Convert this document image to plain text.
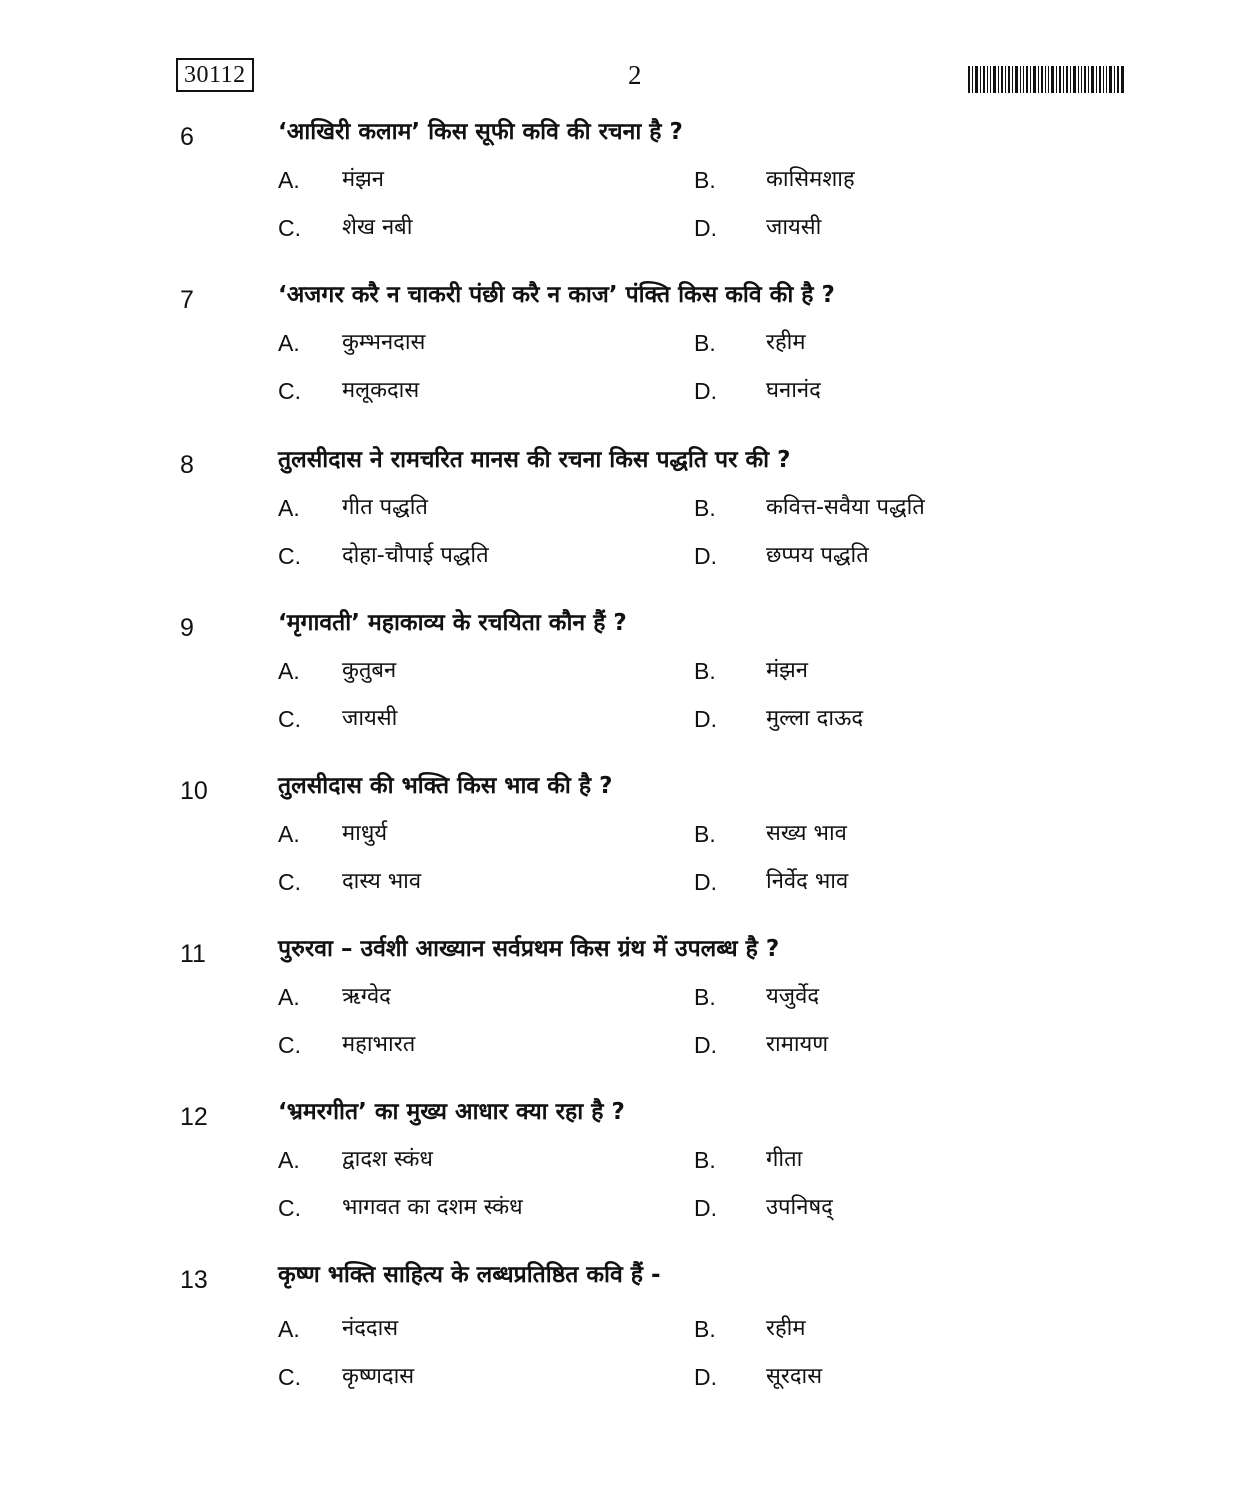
30112	2
6	‘आखिरी कलाम’ किस सूफी कवि की रचना है ?
A. मंझन	B. कासिमशाह
C. शेख नबी	D. जायसी
7	‘अजगर करै न चाकरी पंछी करै न काज’ पंक्ति किस कवि की है ?
A. कुम्भनदास	B. रहीम
C. मलूकदास	D. घनानंद
8	तुलसीदास ने रामचरित मानस की रचना किस पद्धति पर की ?
A. गीत पद्धति	B. कवित्त-सवैया पद्धति
C. दोहा-चौपाई पद्धति	D. छप्पय पद्धति
9	‘मृगावती’ महाकाव्य के रचयिता कौन हैं ?
A. कुतुबन	B. मंझन
C. जायसी	D. मुल्ला दाऊद
10	तुलसीदास की भक्ति किस भाव की है ?
A. माधुर्य	B. सख्य भाव
C. दास्य भाव	D. निर्वेद भाव
11	पुरुरवा – उर्वशी आख्यान सर्वप्रथम किस ग्रंथ में उपलब्ध है ?
A. ऋग्वेद	B. यजुर्वेद
C. महाभारत	D. रामायण
12	‘भ्रमरगीत’ का मुख्य आधार क्या रहा है ?
A. द्वादश स्कंध	B. गीता
C. भागवत का दशम स्कंध	D. उपनिषद्
13	कृष्ण भक्ति साहित्य के लब्धप्रतिष्ठित कवि हैं -
A. नंददास	B. रहीम
C. कृष्णदास	D. सूरदास
